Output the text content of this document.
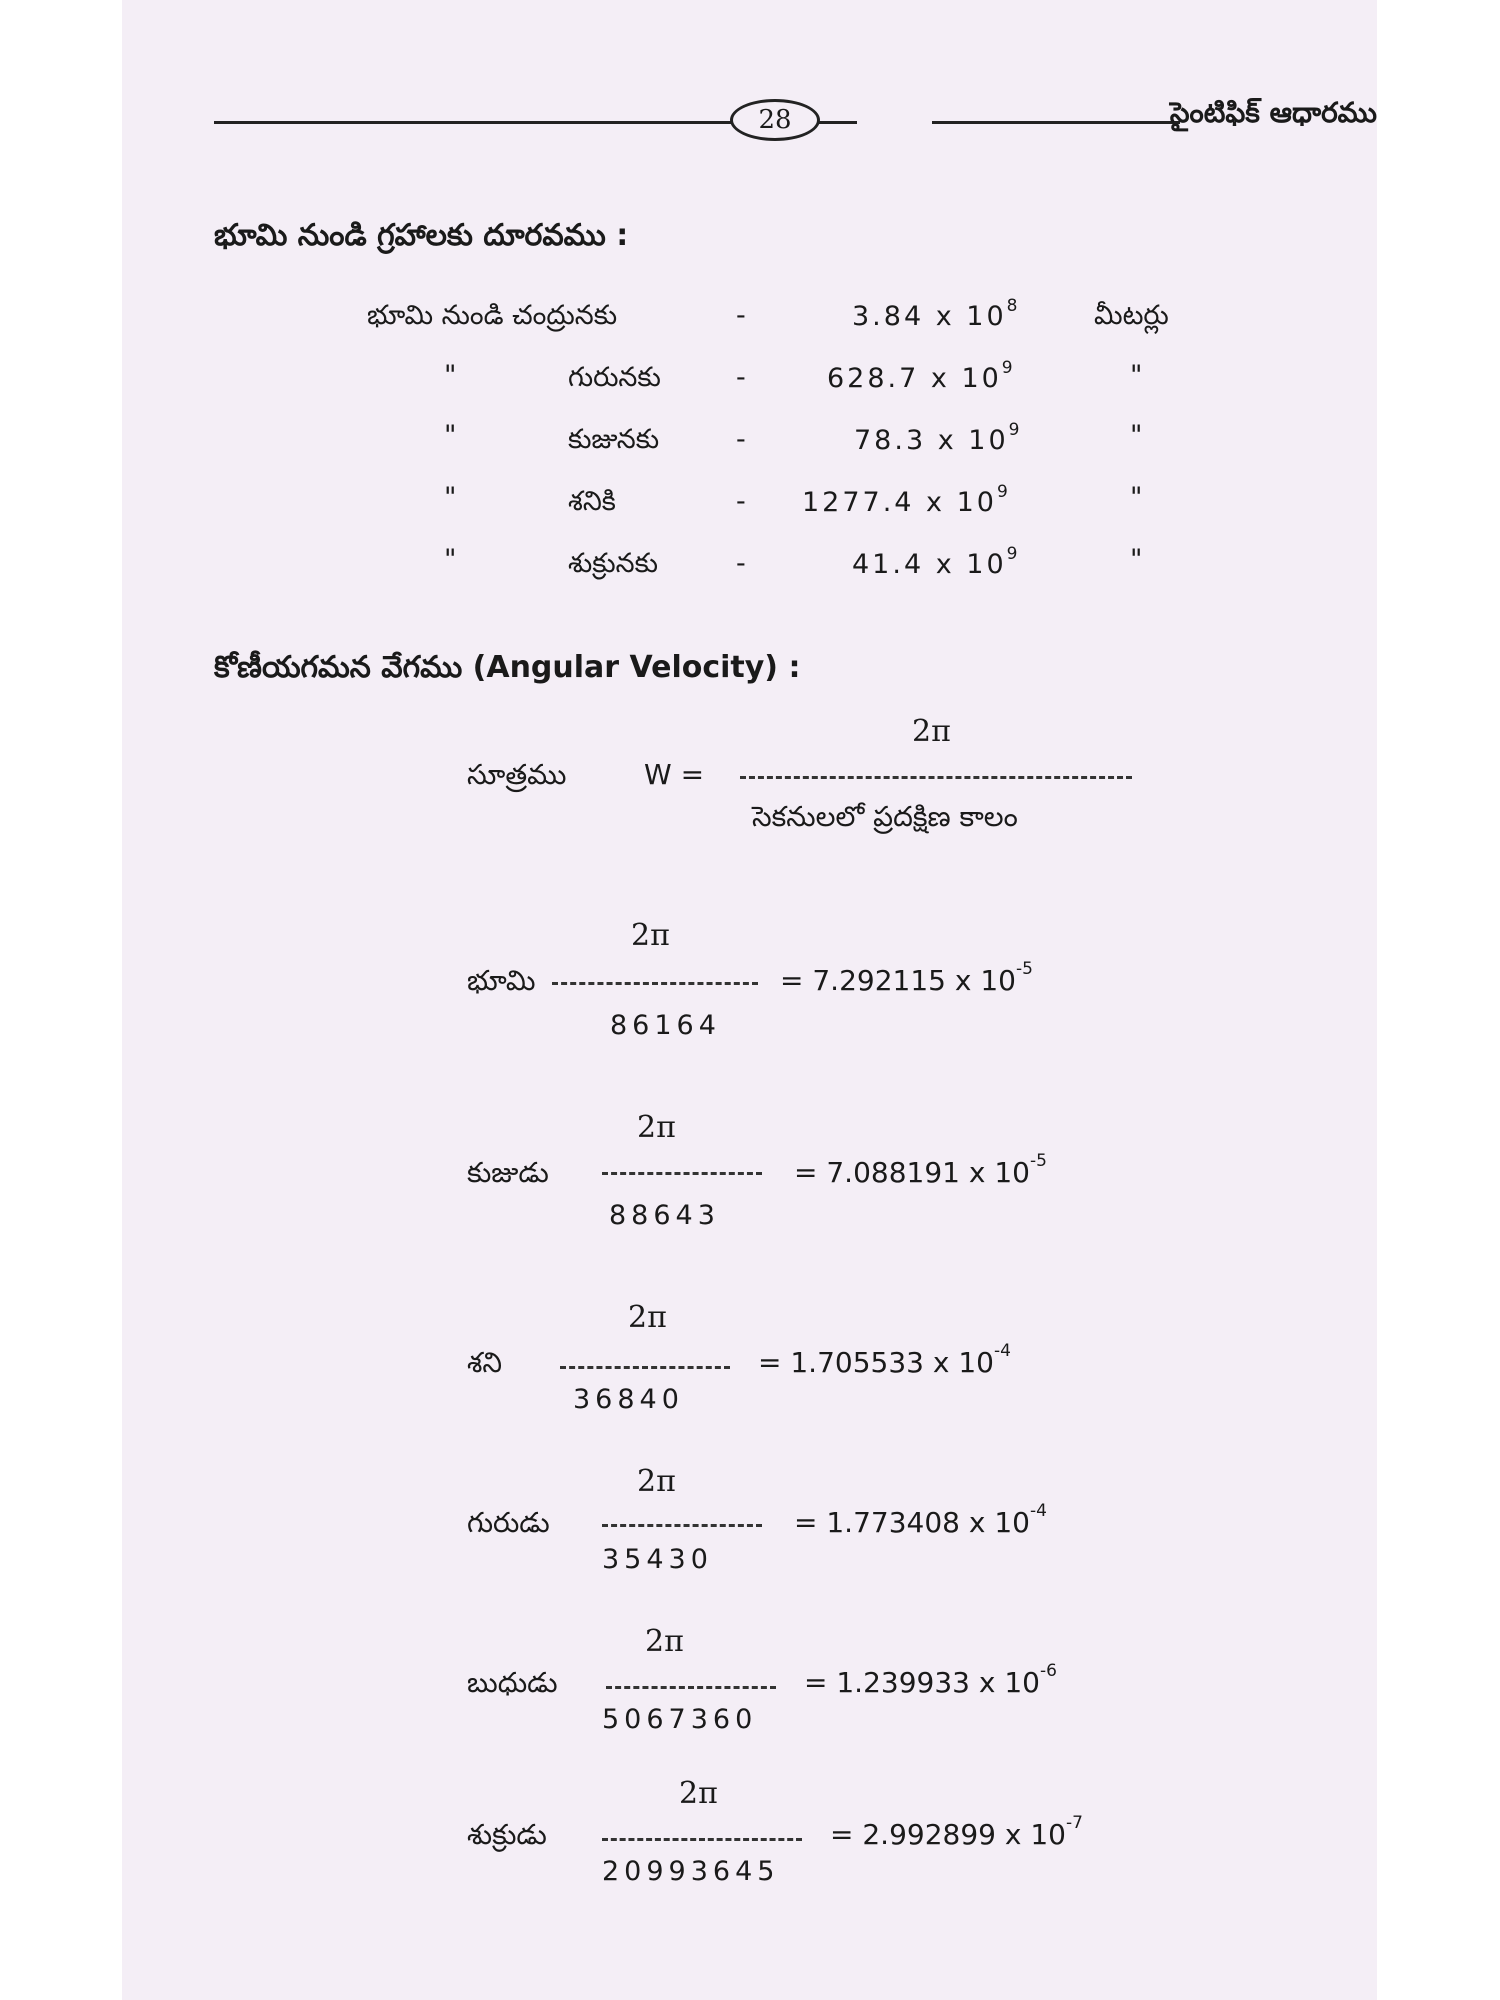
28	సైంటిఫిక్ ఆధారము
భూమి నుండి గ్రహాలకు దూరవము :
భూమి నుండి చంద్రునకు	-	3.84 x $10^8$	మీటర్లు
"	గురునకు	-	628.7 x $10^9$	"
"	కుజునకు	-	78.3 x $10^9$	"
"	శనికి	- 1277.4 x $10^9$	"
"	శుక్రునకు	-	41.4 x $10^9$	"
కోణీయగమన వేగము (Angular Velocity) :
సూత్రము	W =
2π
సెకనులలో ప్రదక్షిణ కాలం
భూమి
2π
86164
= 7.292115 x $10^{-5}$
కుజుడు
2π
88643
= 7.088191 x $10^{-5}$
శని
2π
36840
= 1.705533 x $10^{-4}$
గురుడు
2π
35430
= 1.773408 x $10^{-4}$
బుధుడు
2π
5067360
= 1.239933 x $10^{-6}$
శుక్రుడు
2π
20993645
= 2.992899 x $10^{-7}$
